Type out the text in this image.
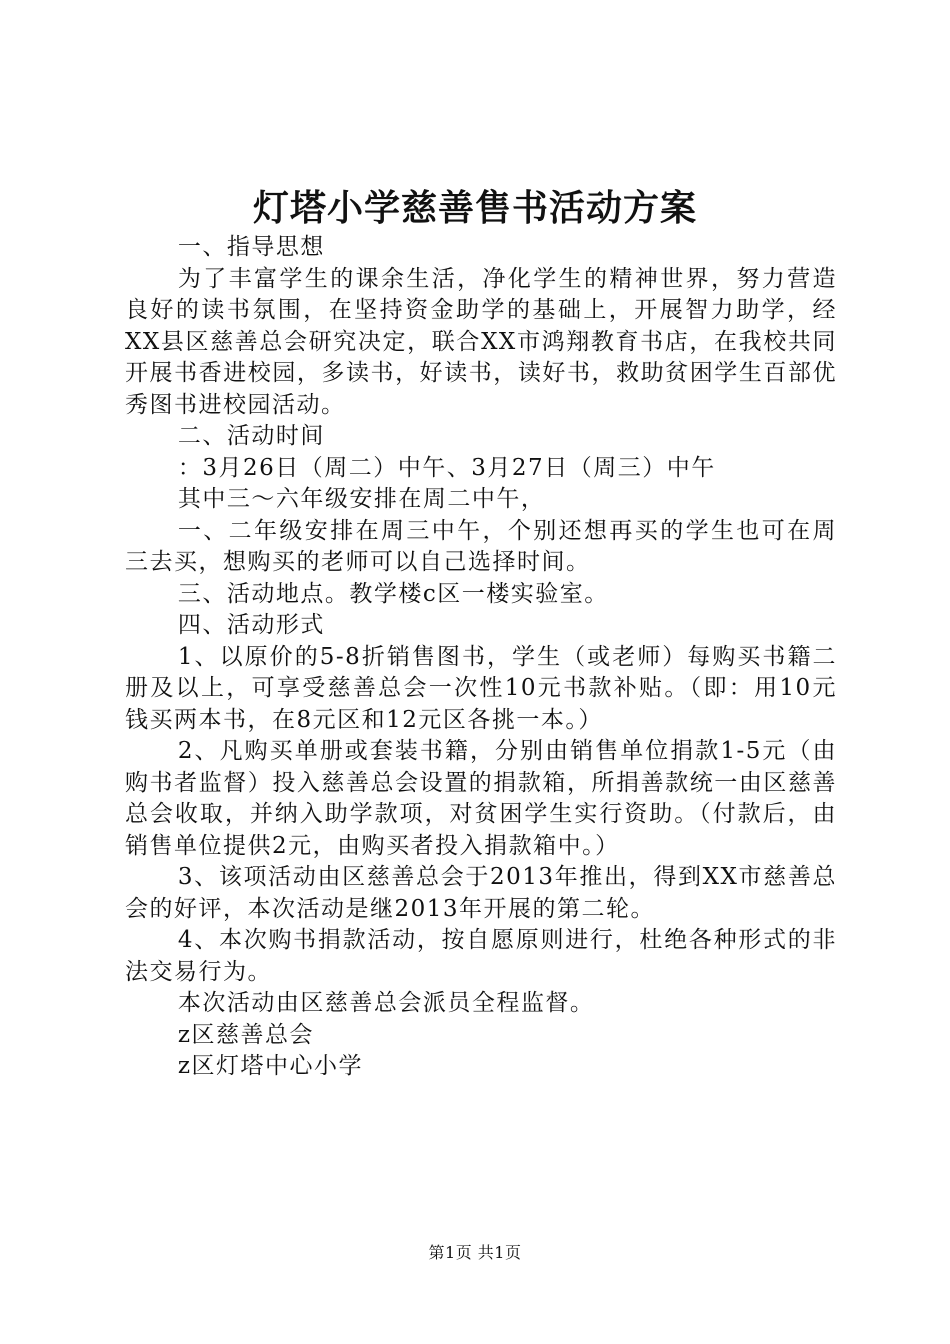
灯塔小学慈善售书活动方案

一、指导思想

为了丰富学生的课余生活，净化学生的精神世界，努力营造良好的读书氛围，在坚持资金助学的基础上，开展智力助学，经XX县区慈善总会研究决定，联合XX市鸿翔教育书店，在我校共同开展书香进校园，多读书，好读书，读好书，救助贫困学生百部优秀图书进校园活动。

二、活动时间

：3月26日（周二）中午、3月27日（周三）中午

其中三～六年级安排在周二中午，

一、二年级安排在周三中午，个别还想再买的学生也可在周三去买，想购买的老师可以自己选择时间。

三、活动地点。教学楼c区一楼实验室。

四、活动形式

1、以原价的5-8折销售图书，学生（或老师）每购买书籍二册及以上，可享受慈善总会一次性10元书款补贴。（即：用10元钱买两本书，在8元区和12元区各挑一本。）

2、凡购买单册或套装书籍，分别由销售单位捐款1-5元（由购书者监督）投入慈善总会设置的捐款箱，所捐善款统一由区慈善总会收取，并纳入助学款项，对贫困学生实行资助。（付款后，由销售单位提供2元，由购买者投入捐款箱中。）

3、该项活动由区慈善总会于2013年推出，得到XX市慈善总会的好评，本次活动是继2013年开展的第二轮。

4、本次购书捐款活动，按自愿原则进行，杜绝各种形式的非法交易行为。

本次活动由区慈善总会派员全程监督。

z区慈善总会

z区灯塔中心小学

第1页 共1页
